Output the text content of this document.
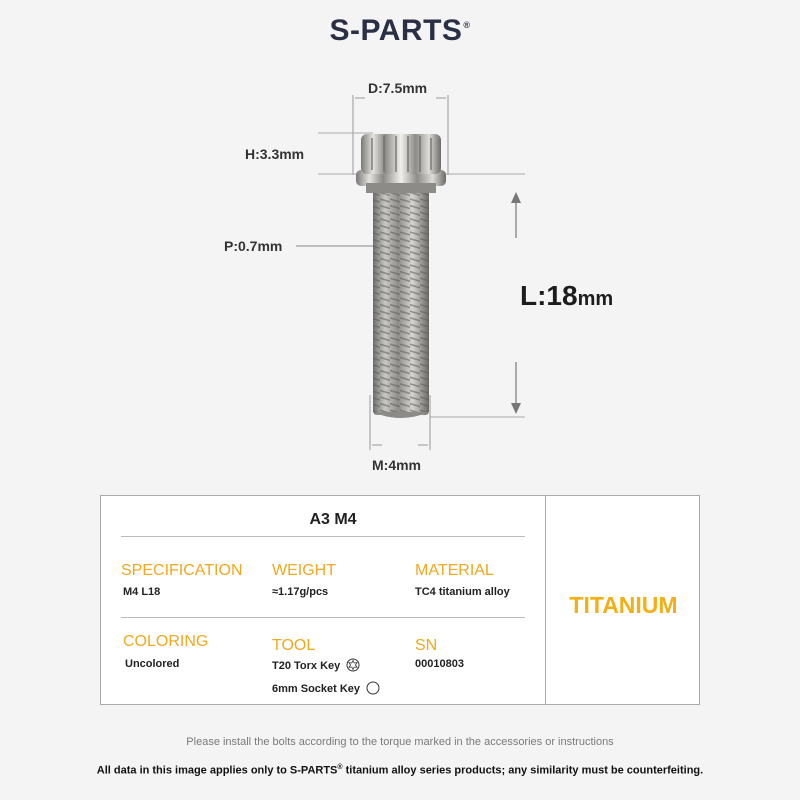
S-PARTS®
D:7.5mm
H:3.3mm
P:0.7mm
L:18mm
M:4mm
A3 M4
SPECIFICATION
M4 L18
WEIGHT
≈1.17g/pcs
MATERIAL
TC4 titanium alloy
COLORING
Uncolored
TOOL
T20 Torx Key
6mm Socket Key
SN
00010803
TITANIUM
Please install the bolts according to the torque marked in the accessories or instructions
All data in this image applies only to S-PARTS® titanium alloy series products; any similarity must be counterfeiting.
